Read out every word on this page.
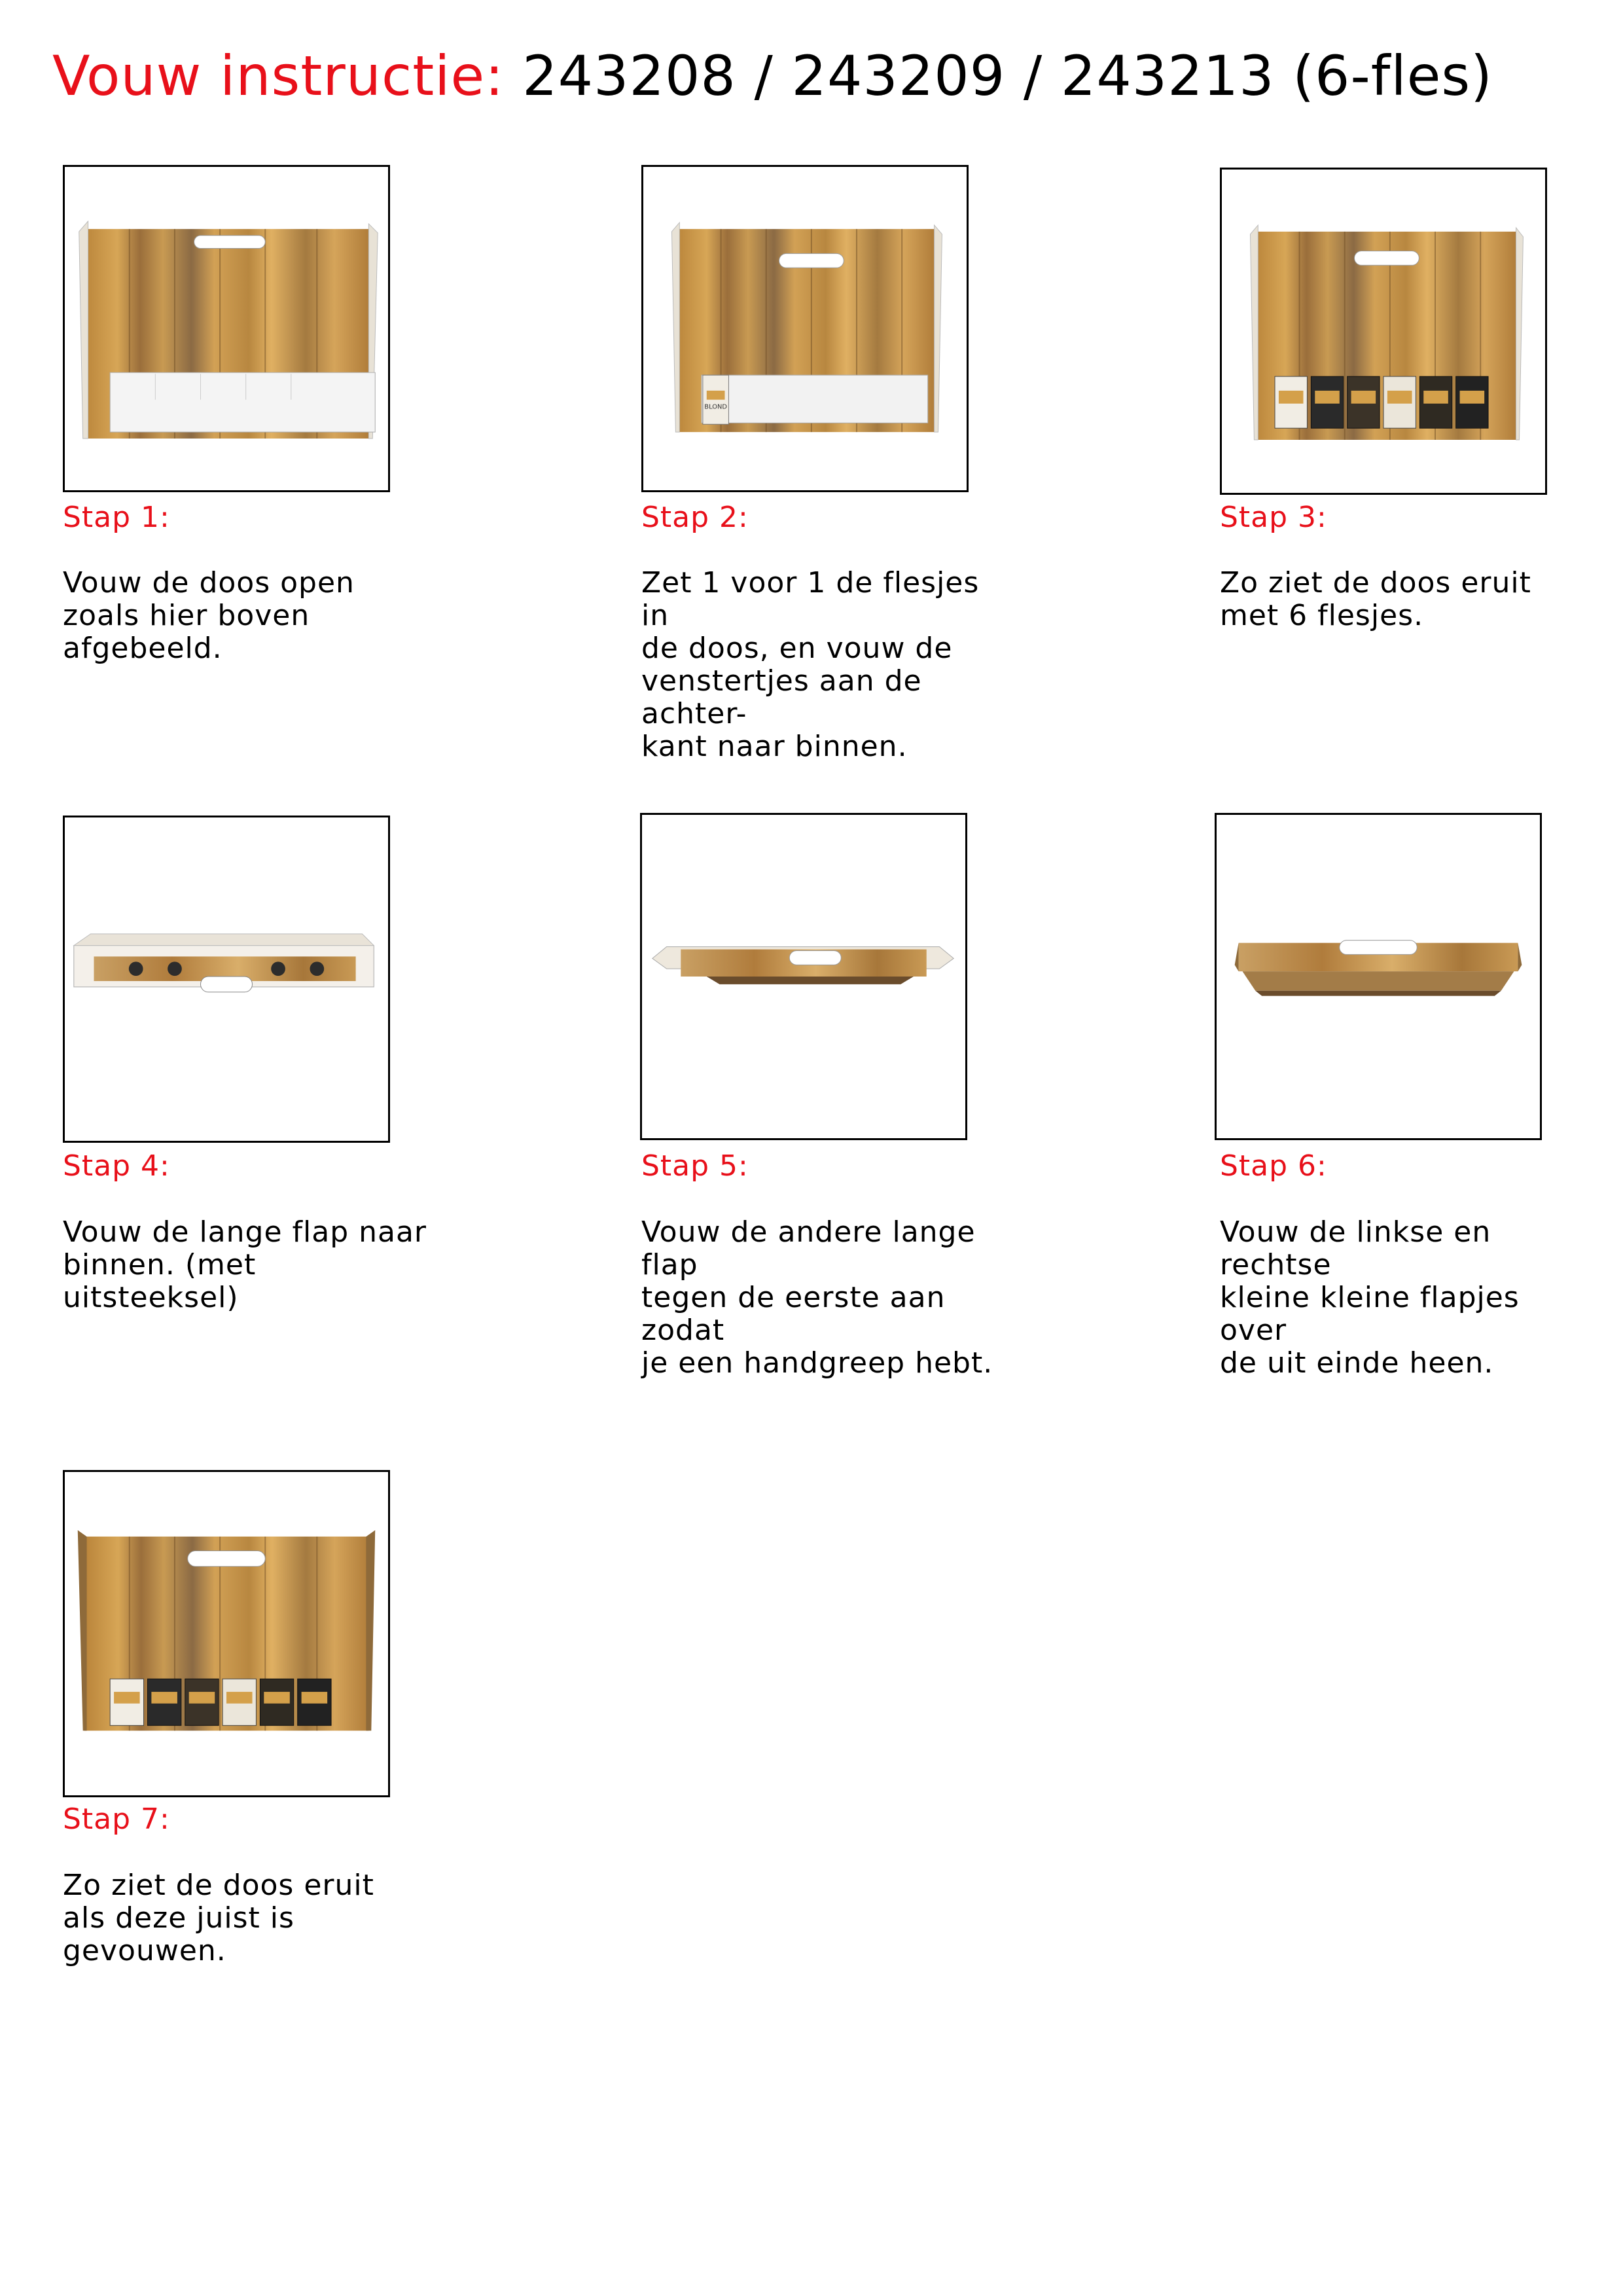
Vouw instructie: 243208 / 243209 / 243213 (6-fles)
Stap 1:
Vouw de doos open
zoals hier boven
afgebeeld.
BLOND
Stap 2:
Zet 1 voor 1 de flesjes in
de doos, en vouw de
venstertjes aan de achter-
kant naar binnen.
Stap 3:
Zo ziet de doos eruit
met 6 flesjes.
Stap 4:
Vouw de lange flap naar
binnen. (met uitsteeksel)
Stap 5:
Vouw de andere lange flap
tegen de eerste aan zodat
je een handgreep hebt.
Stap 6:
Vouw de linkse en rechtse
kleine kleine flapjes over
de uit einde heen.
Stap 7:
Zo ziet de doos eruit
als deze juist is gevouwen.
